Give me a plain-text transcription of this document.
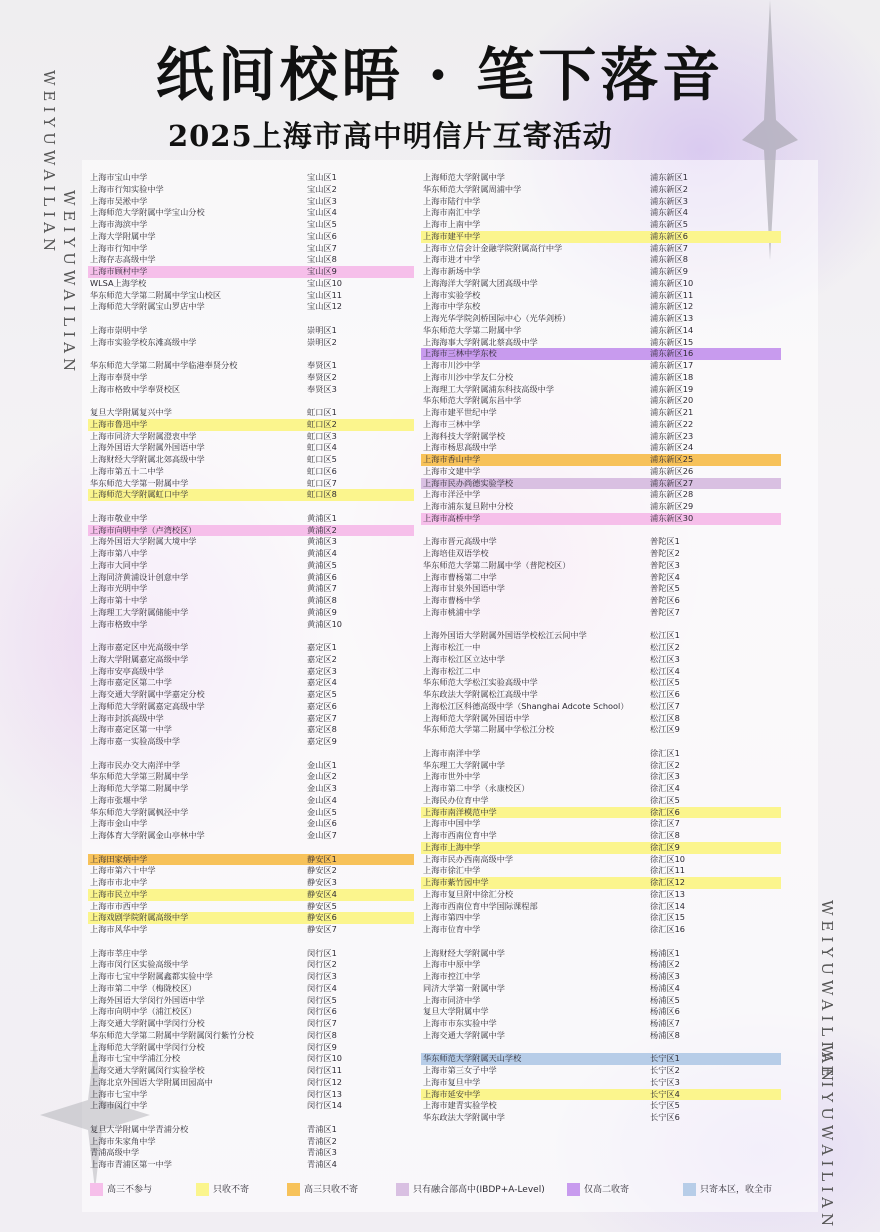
纸间校晤 · 笔下落音
2025上海市高中明信片互寄活动
WEIYUWAILIAN
WEIYUWAILIAN
WEIYUWAILIAN
WEIYUWAILIAN
上海市宝山中学	宝山区1
上海市行知实验中学	宝山区2
上海市吴淞中学	宝山区3
上海师范大学附属中学宝山分校	宝山区4
上海市海滨中学	宝山区5
上海大学附属中学	宝山区6
上海市行知中学	宝山区7
上海存志高级中学	宝山区8
上海市顾村中学	宝山区9
WLSA上海学校	宝山区10
华东师范大学第二附属中学宝山校区	宝山区11
上海师范大学附属宝山罗店中学	宝山区12
上海市崇明中学	崇明区1
上海市实验学校东滩高级中学	崇明区2
华东师范大学第二附属中学临港奉贤分校	奉贤区1
上海市奉贤中学	奉贤区2
上海市格致中学奉贤校区	奉贤区3
复旦大学附属复兴中学	虹口区1
上海市鲁迅中学	虹口区2
上海市同济大学附属澄衷中学	虹口区3
上海外国语大学附属外国语中学	虹口区4
上海财经大学附属北郊高级中学	虹口区5
上海市第五十二中学	虹口区6
华东师范大学第一附属中学	虹口区7
上海师范大学附属虹口中学	虹口区8
上海市敬业中学	黄浦区1
上海市向明中学（卢湾校区）	黄浦区2
上海外国语大学附属大境中学	黄浦区3
上海市第八中学	黄浦区4
上海市大同中学	黄浦区5
上海同济黄浦设计创意中学	黄浦区6
上海市光明中学	黄浦区7
上海市第十中学	黄浦区8
上海理工大学附属储能中学	黄浦区9
上海市格致中学	黄浦区10
上海市嘉定区中光高级中学	嘉定区1
上海大学附属嘉定高级中学	嘉定区2
上海市安亭高级中学	嘉定区3
上海市嘉定区第二中学	嘉定区4
上海交通大学附属中学嘉定分校	嘉定区5
上海师范大学附属嘉定高级中学	嘉定区6
上海市封浜高级中学	嘉定区7
上海市嘉定区第一中学	嘉定区8
上海市嘉一实验高级中学	嘉定区9
上海市民办交大南洋中学	金山区1
华东师范大学第三附属中学	金山区2
上海师范大学第二附属中学	金山区3
上海市张堰中学	金山区4
华东师范大学附属枫泾中学	金山区5
上海市金山中学	金山区6
上海体育大学附属金山亭林中学	金山区7
上海田家炳中学	静安区1
上海市第六十中学	静安区2
上海市市北中学	静安区3
上海市民立中学	静安区4
上海市市西中学	静安区5
上海戏剧学院附属高级中学	静安区6
上海市风华中学	静安区7
上海市莘庄中学	闵行区1
上海市闵行区实验高级中学	闵行区2
上海市七宝中学附属鑫都实验中学	闵行区3
上海市第二中学（梅陇校区）	闵行区4
上海外国语大学闵行外国语中学	闵行区5
上海市向明中学（浦江校区）	闵行区6
上海交通大学附属中学闵行分校	闵行区7
华东师范大学第二附属中学附属闵行紫竹分校	闵行区8
上海师范大学附属中学闵行分校	闵行区9
上海市七宝中学浦江分校	闵行区10
上海交通大学附属闵行实验学校	闵行区11
上海北京外国语大学附属田园高中	闵行区12
上海市七宝中学	闵行区13
上海市闵行中学	闵行区14
复旦大学附属中学青浦分校	青浦区1
上海市朱家角中学	青浦区2
青浦高级中学	青浦区3
上海市青浦区第一中学	青浦区4
上海师范大学附属中学	浦东新区1
华东师范大学附属周浦中学	浦东新区2
上海市陆行中学	浦东新区3
上海市南汇中学	浦东新区4
上海市上南中学	浦东新区5
上海市建平中学	浦东新区6
上海市立信会计金融学院附属高行中学	浦东新区7
上海市进才中学	浦东新区8
上海市新场中学	浦东新区9
上海海洋大学附属大团高级中学	浦东新区10
上海市实验学校	浦东新区11
上海市中学东校	浦东新区12
上海光华学院剑桥国际中心（光华剑桥）	浦东新区13
华东师范大学第二附属中学	浦东新区14
上海海事大学附属北蔡高级中学	浦东新区15
上海市三林中学东校	浦东新区16
上海市川沙中学	浦东新区17
上海市川沙中学友仁分校	浦东新区18
上海理工大学附属浦东科技高级中学	浦东新区19
华东师范大学附属东昌中学	浦东新区20
上海市建平世纪中学	浦东新区21
上海市三林中学	浦东新区22
上海科技大学附属学校	浦东新区23
上海市杨思高级中学	浦东新区24
上海市香山中学	浦东新区25
上海市文建中学	浦东新区26
上海市民办尚德实验学校	浦东新区27
上海市洋泾中学	浦东新区28
上海市浦东复旦附中分校	浦东新区29
上海市高桥中学	浦东新区30
上海市晋元高级中学	普陀区1
上海培佳双语学校	普陀区2
华东师范大学第二附属中学（普陀校区）	普陀区3
上海市曹杨第二中学	普陀区4
上海市甘泉外国语中学	普陀区5
上海市曹杨中学	普陀区6
上海市桃浦中学	普陀区7
上海外国语大学附属外国语学校松江云间中学	松江区1
上海市松江一中	松江区2
上海市松江区立达中学	松江区3
上海市松江二中	松江区4
华东师范大学松江实验高级中学	松江区5
华东政法大学附属松江高级中学	松江区6
上海松江区科德高级中学（Shanghai Adcote School）	松江区7
上海师范大学附属外国语中学	松江区8
华东师范大学第二附属中学松江分校	松江区9
上海市南洋中学	徐汇区1
华东理工大学附属中学	徐汇区2
上海市世外中学	徐汇区3
上海市第二中学（永康校区）	徐汇区4
上海民办位育中学	徐汇区5
上海市南洋模范中学	徐汇区6
上海市中国中学	徐汇区7
上海市西南位育中学	徐汇区8
上海市上海中学	徐汇区9
上海市民办西南高级中学	徐汇区10
上海市徐汇中学	徐汇区11
上海市紫竹园中学	徐汇区12
上海市复旦附中徐汇分校	徐汇区13
上海市西南位育中学国际课程部	徐汇区14
上海市第四中学	徐汇区15
上海市位育中学	徐汇区16
上海财经大学附属中学	杨浦区1
上海市中原中学	杨浦区2
上海市控江中学	杨浦区3
同济大学第一附属中学	杨浦区4
上海市同济中学	杨浦区5
复旦大学附属中学	杨浦区6
上海市市东实验中学	杨浦区7
上海交通大学附属中学	杨浦区8
华东师范大学附属天山学校	长宁区1
上海市第三女子中学	长宁区2
上海市复旦中学	长宁区3
上海市延安中学	长宁区4
上海市建青实验学校	长宁区5
华东政法大学附属中学	长宁区6
高三不参与	只收不寄	高三只收不寄	只有融合部高中(IBDP+A-Level)	仅高二收寄	只寄本区，收全市
